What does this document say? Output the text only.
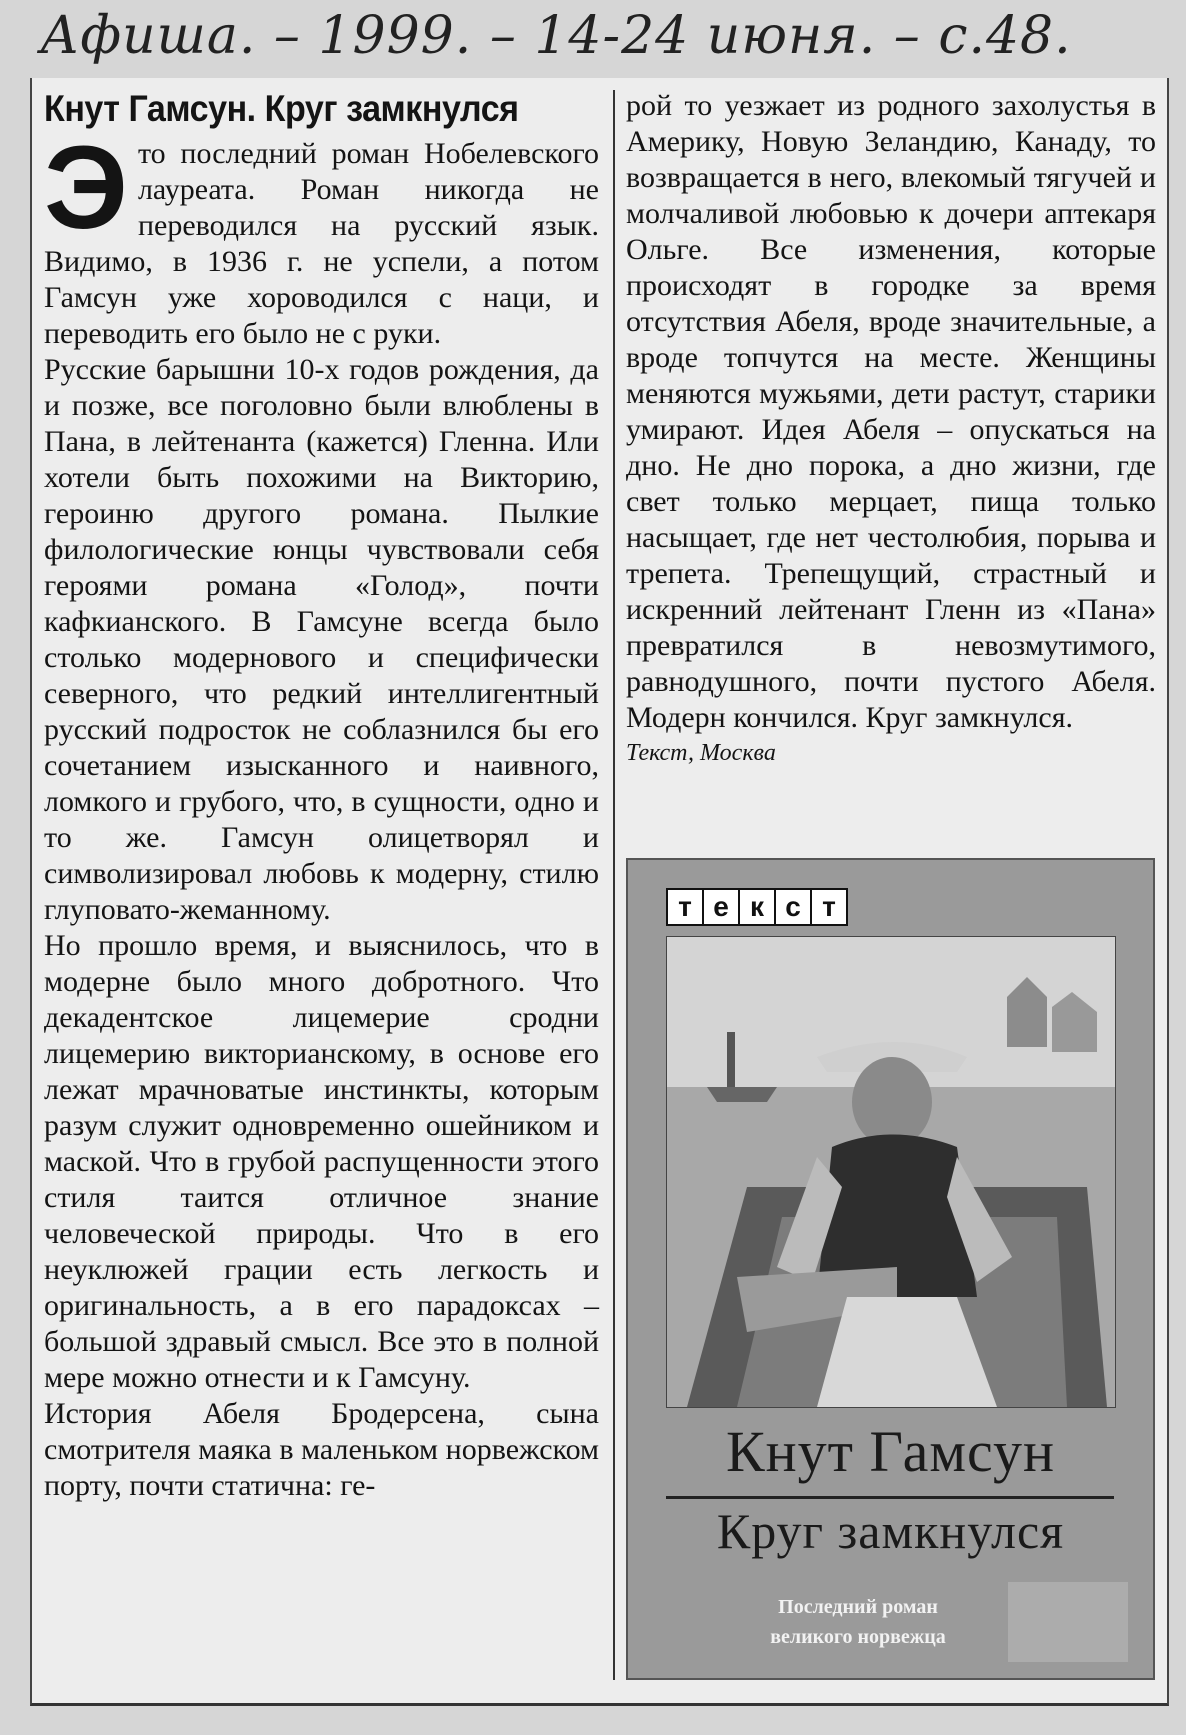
Афиша. – 1999. – 14-24 июня. – с.48.
Кнут Гамсун. Круг замкнулся

Э то последний роман Нобелевского лауреата. Роман никогда не переводился на русский язык. Видимо, в 1936 г. не успели, а потом Гамсун уже хороводился с наци, и переводить его было не с руки.

Русские барышни 10-х годов рождения, да и позже, все поголовно были влюблены в Пана, в лейтенанта (кажется) Гленна. Или хотели быть похожими на Викторию, героиню другого романа. Пылкие филологические юнцы чувствовали себя героями романа «Голод», почти кафкианского. В Гамсуне всегда было столько модернового и специфически северного, что редкий интеллигентный русский подросток не соблазнился бы его сочетанием изысканного и наивного, ломкого и грубого, что, в сущности, одно и то же. Гамсун олицетворял и символизировал любовь к модерну, стилю глуповато-жеманному.

Но прошло время, и выяснилось, что в модерне было много добротного. Что декадентское лицемерие сродни лицемерию викторианскому, в основе его лежат мрачноватые инстинкты, которым разум служит одновременно ошейником и маской. Что в грубой распущенности этого стиля таится отличное знание человеческой природы. Что в его неуклюжей грации есть легкость и оригинальность, а в его парадоксах – большой здравый смысл. Все это в полной мере можно отнести и к Гамсуну.

История Абеля Бродерсена, сына смотрителя маяка в маленьком норвежском порту, почти статична: ге-

рой то уезжает из родного захолустья в Америку, Новую Зеландию, Канаду, то возвращается в него, влекомый тягучей и молчаливой любовью к дочери аптекаря Ольге. Все изменения, которые происходят в городке за время отсутствия Абеля, вроде значительные, а вроде топчутся на месте. Женщины меняются мужьями, дети растут, старики умирают. Идея Абеля – опускаться на дно. Не дно порока, а дно жизни, где свет только мерцает, пища только насыщает, где нет честолюбия, порыва и трепета. Трепещущий, страстный и искренний лейтенант Гленн из «Пана» превратился в невозмутимого, равнодушного, почти пустого Абеля. Модерн кончился. Круг замкнулся.

Текст, Москва
т е к с т
Кнут Гамсун
Круг замкнулся
Последний роман
великого норвежца
